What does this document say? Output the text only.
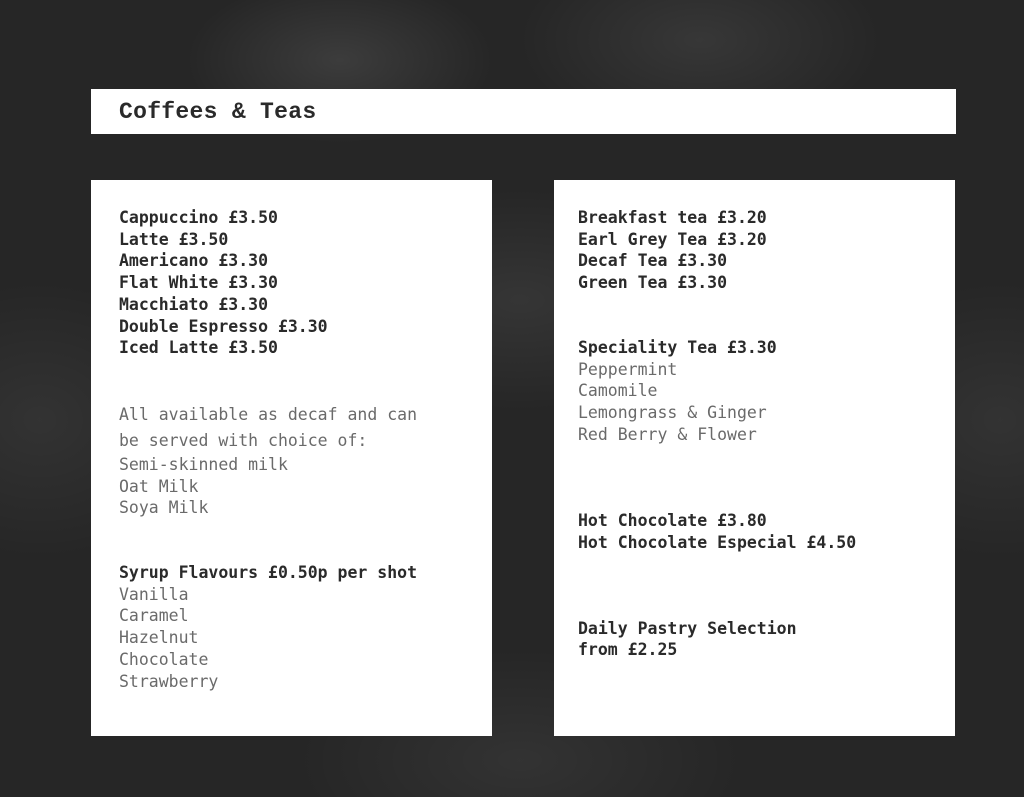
Coffees & Teas
Cappuccino £3.50
Latte £3.50
Americano £3.30
Flat White £3.30
Macchiato £3.30
Double Espresso £3.30
Iced Latte £3.50
All available as decaf and can
be served with choice of:
Semi-skinned milk
Oat Milk
Soya Milk
Syrup Flavours £0.50p per shot
Vanilla
Caramel
Hazelnut
Chocolate
Strawberry
Breakfast tea £3.20
Earl Grey Tea £3.20
Decaf Tea £3.30
Green Tea £3.30
Speciality Tea £3.30
Peppermint
Camomile
Lemongrass & Ginger
Red Berry & Flower
Hot Chocolate £3.80
Hot Chocolate Especial £4.50
Daily Pastry Selection
from £2.25
